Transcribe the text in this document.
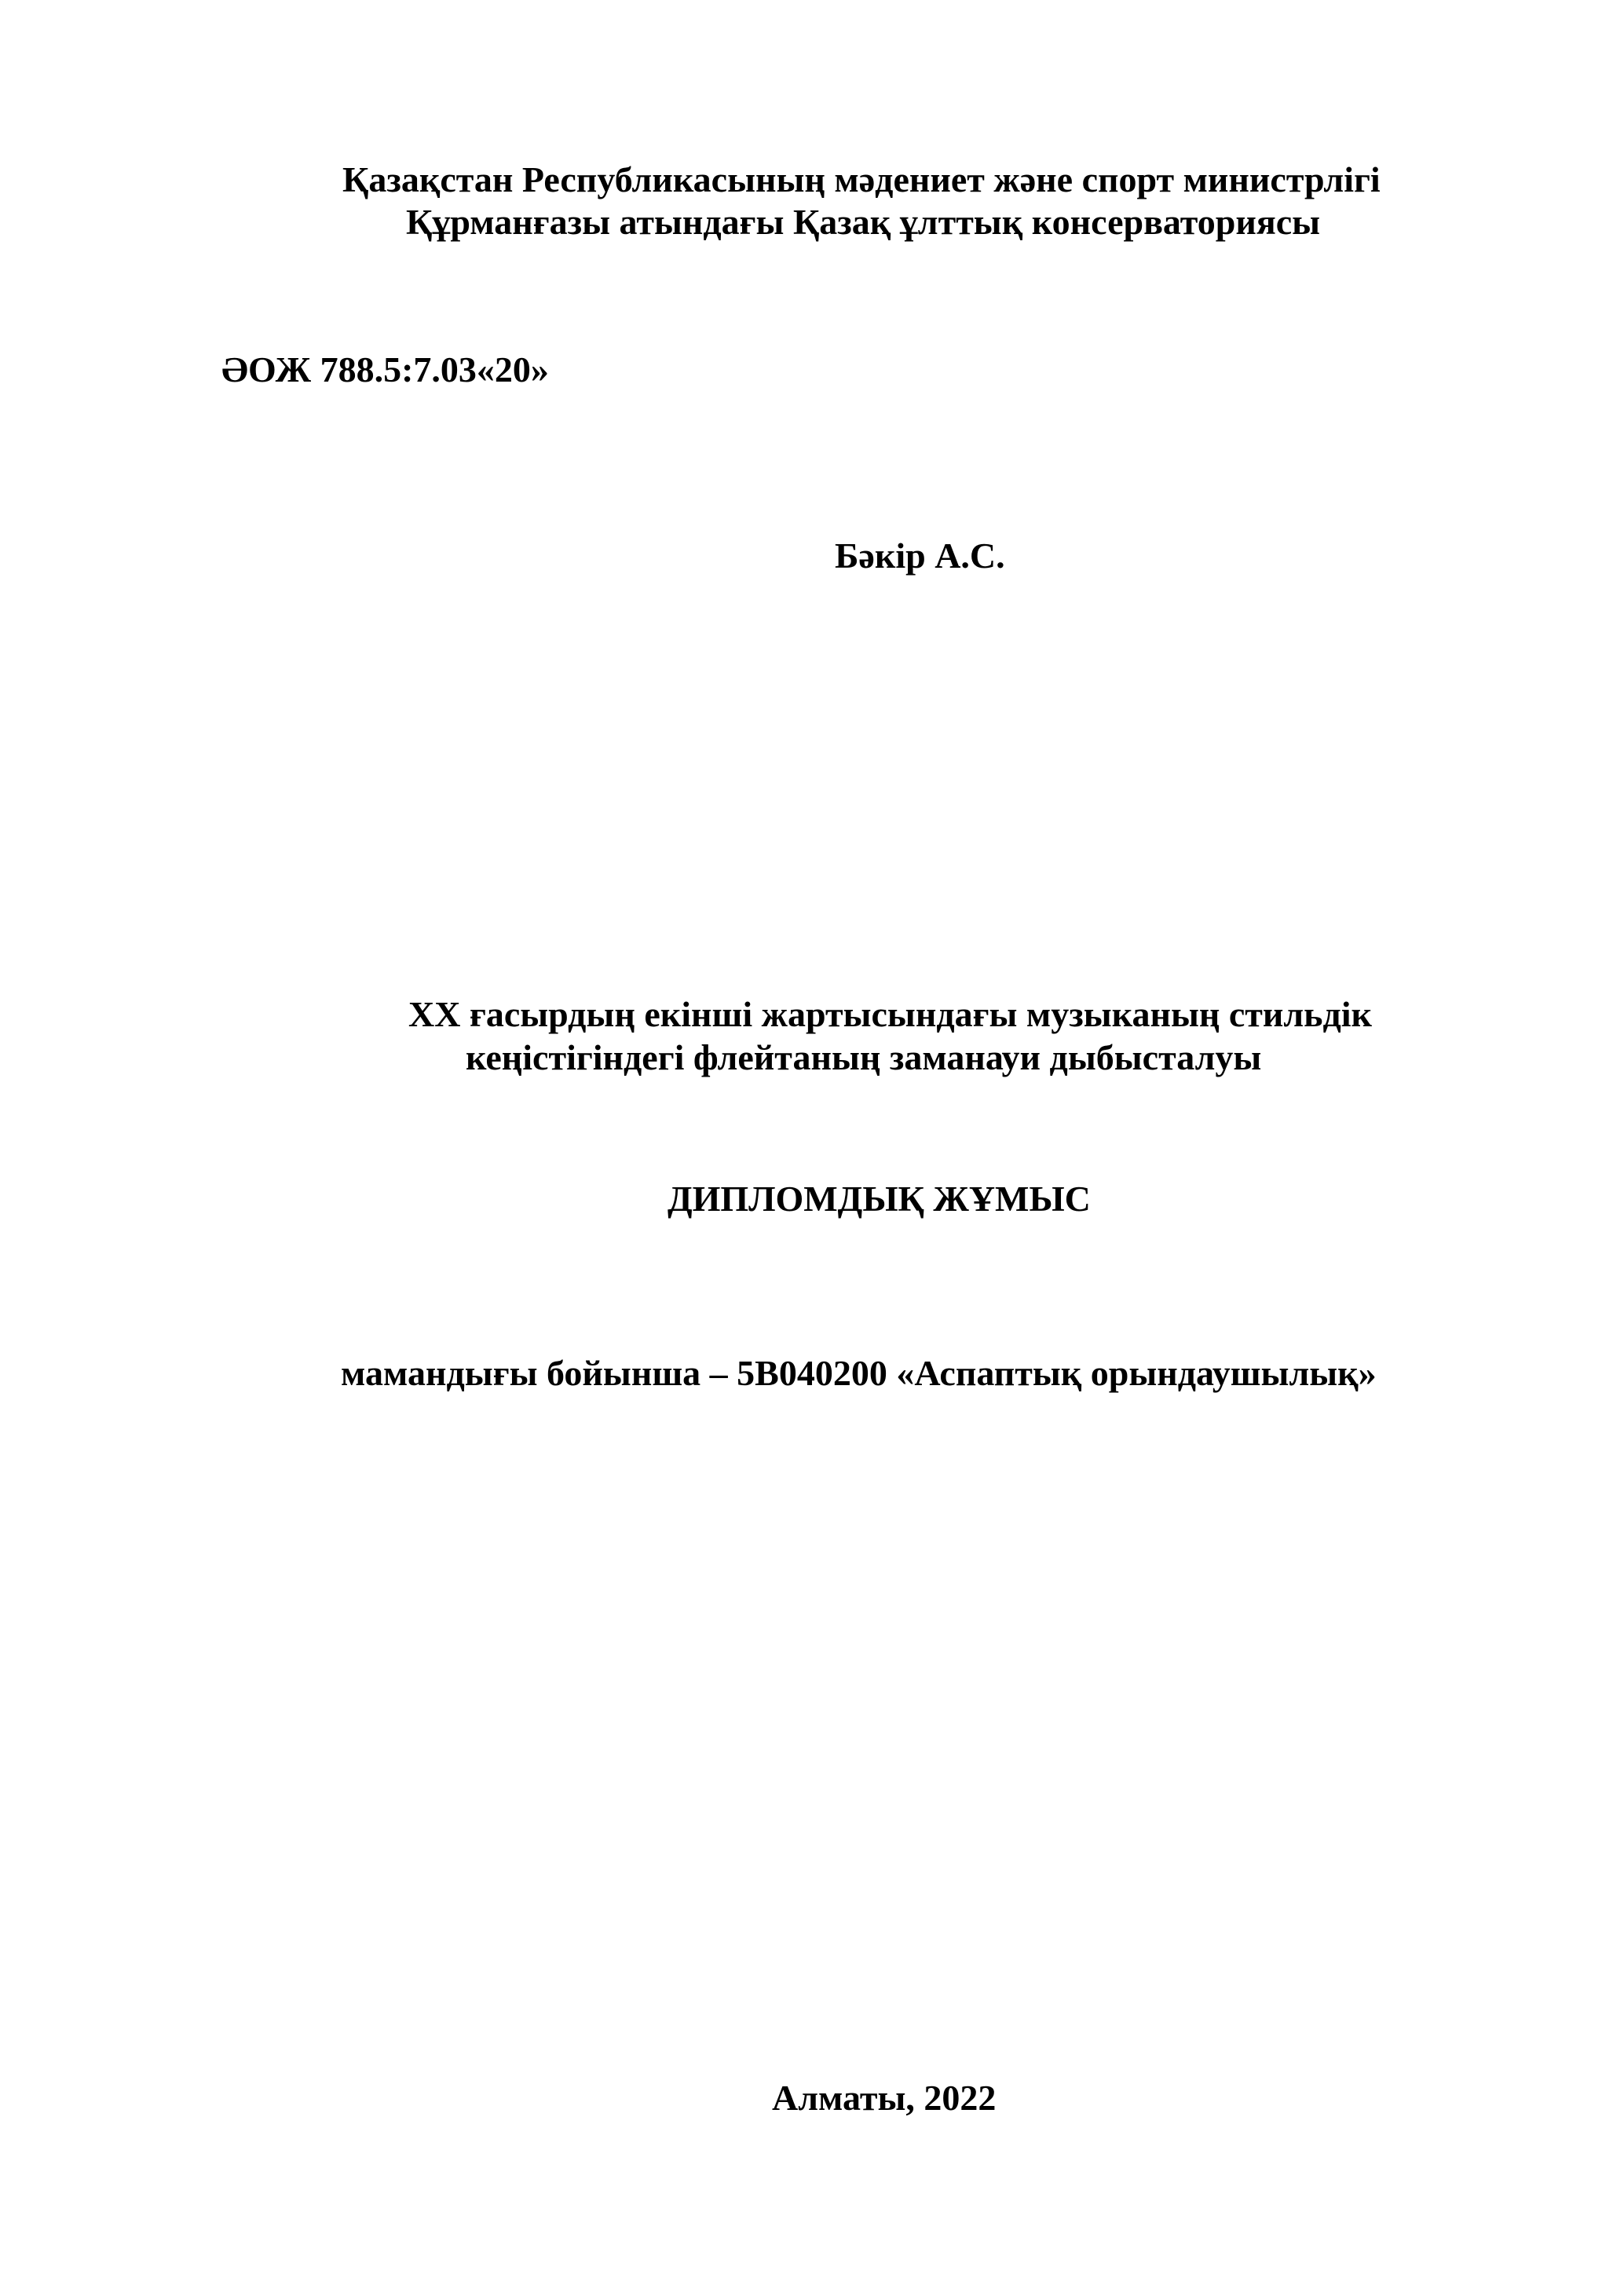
Қазақстан Республикасының мәдениет және спорт министрлігі

Құрманғазы атындағы Қазақ ұлттық консерваториясы

ӘОЖ 788.5:7.03«20»

Бәкір А.С.

XX ғасырдың екінші жартысындағы музыканың стильдік

кеңістігіндегі флейтаның заманауи дыбысталуы

ДИПЛОМДЫҚ ЖҰМЫС

мамандығы бойынша – 5В040200 «Аспаптық орындаушылық»

Алматы, 2022
